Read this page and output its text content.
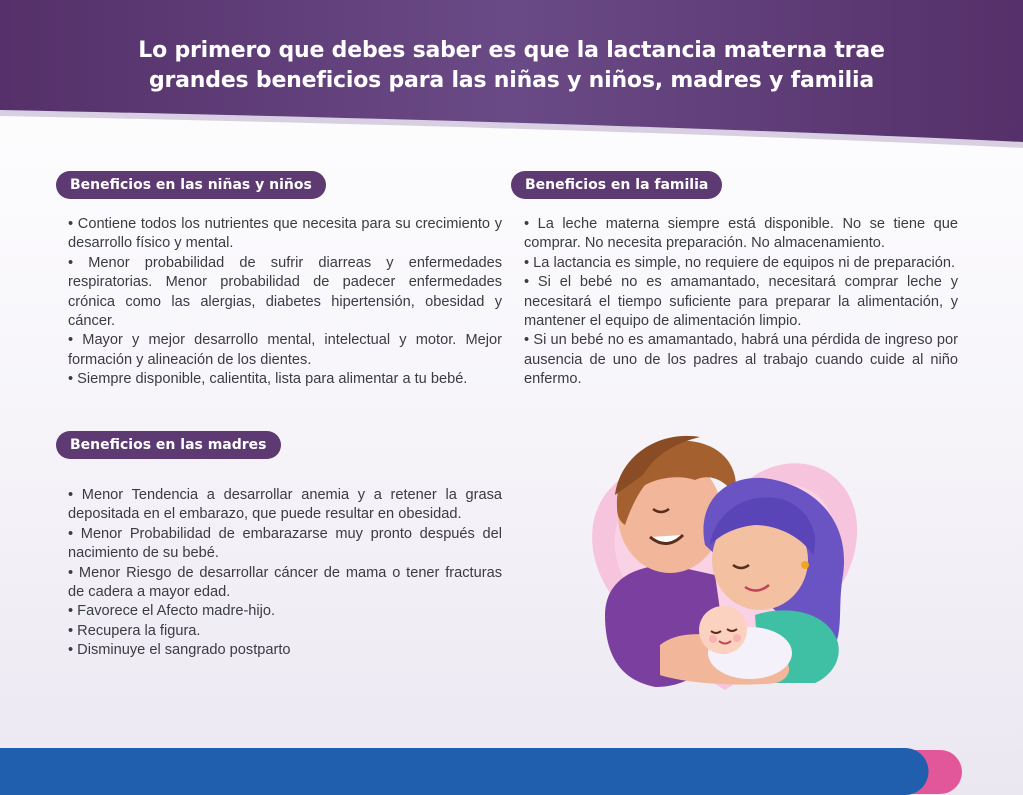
Lo primero que debes saber es que la lactancia materna trae
grandes beneficios para las niñas y niños, madres y familia
Beneficios en las niñas y niños

• Contiene todos los nutrientes que necesita para su crecimiento y desarrollo físico y mental.

• Menor probabilidad de sufrir diarreas y enfermedades respiratorias. Menor probabilidad de padecer enfermedades crónica como las alergias, diabetes hipertensión, obesidad y cáncer.

• Mayor y mejor desarrollo mental, intelectual y motor. Mejor formación y alineación de los dientes.

• Siempre disponible, calientita, lista para alimentar a tu bebé.

Beneficios en la familia

• La leche materna siempre está disponible. No se tiene que comprar. No necesita preparación. No almacenamiento.

• La lactancia es simple, no requiere de equipos ni de preparación.

• Si el bebé no es amamantado, necesitará comprar leche y necesitará el tiempo suficiente para preparar la alimentación, y mantener el equipo de alimentación limpio.

• Si un bebé no es amamantado, habrá una pérdida de ingreso por ausencia de uno de los padres al trabajo cuando cuide al niño enfermo.

Beneficios en las madres

• Menor Tendencia a desarrollar anemia y a retener la grasa depositada en el embarazo, que puede resultar en obesidad.

• Menor Probabilidad de embarazarse muy pronto después del nacimiento de su bebé.

• Menor Riesgo de desarrollar cáncer de mama o tener fracturas de cadera a mayor edad.

• Favorece el Afecto madre-hijo.

• Recupera la figura.

• Disminuye el sangrado postparto
